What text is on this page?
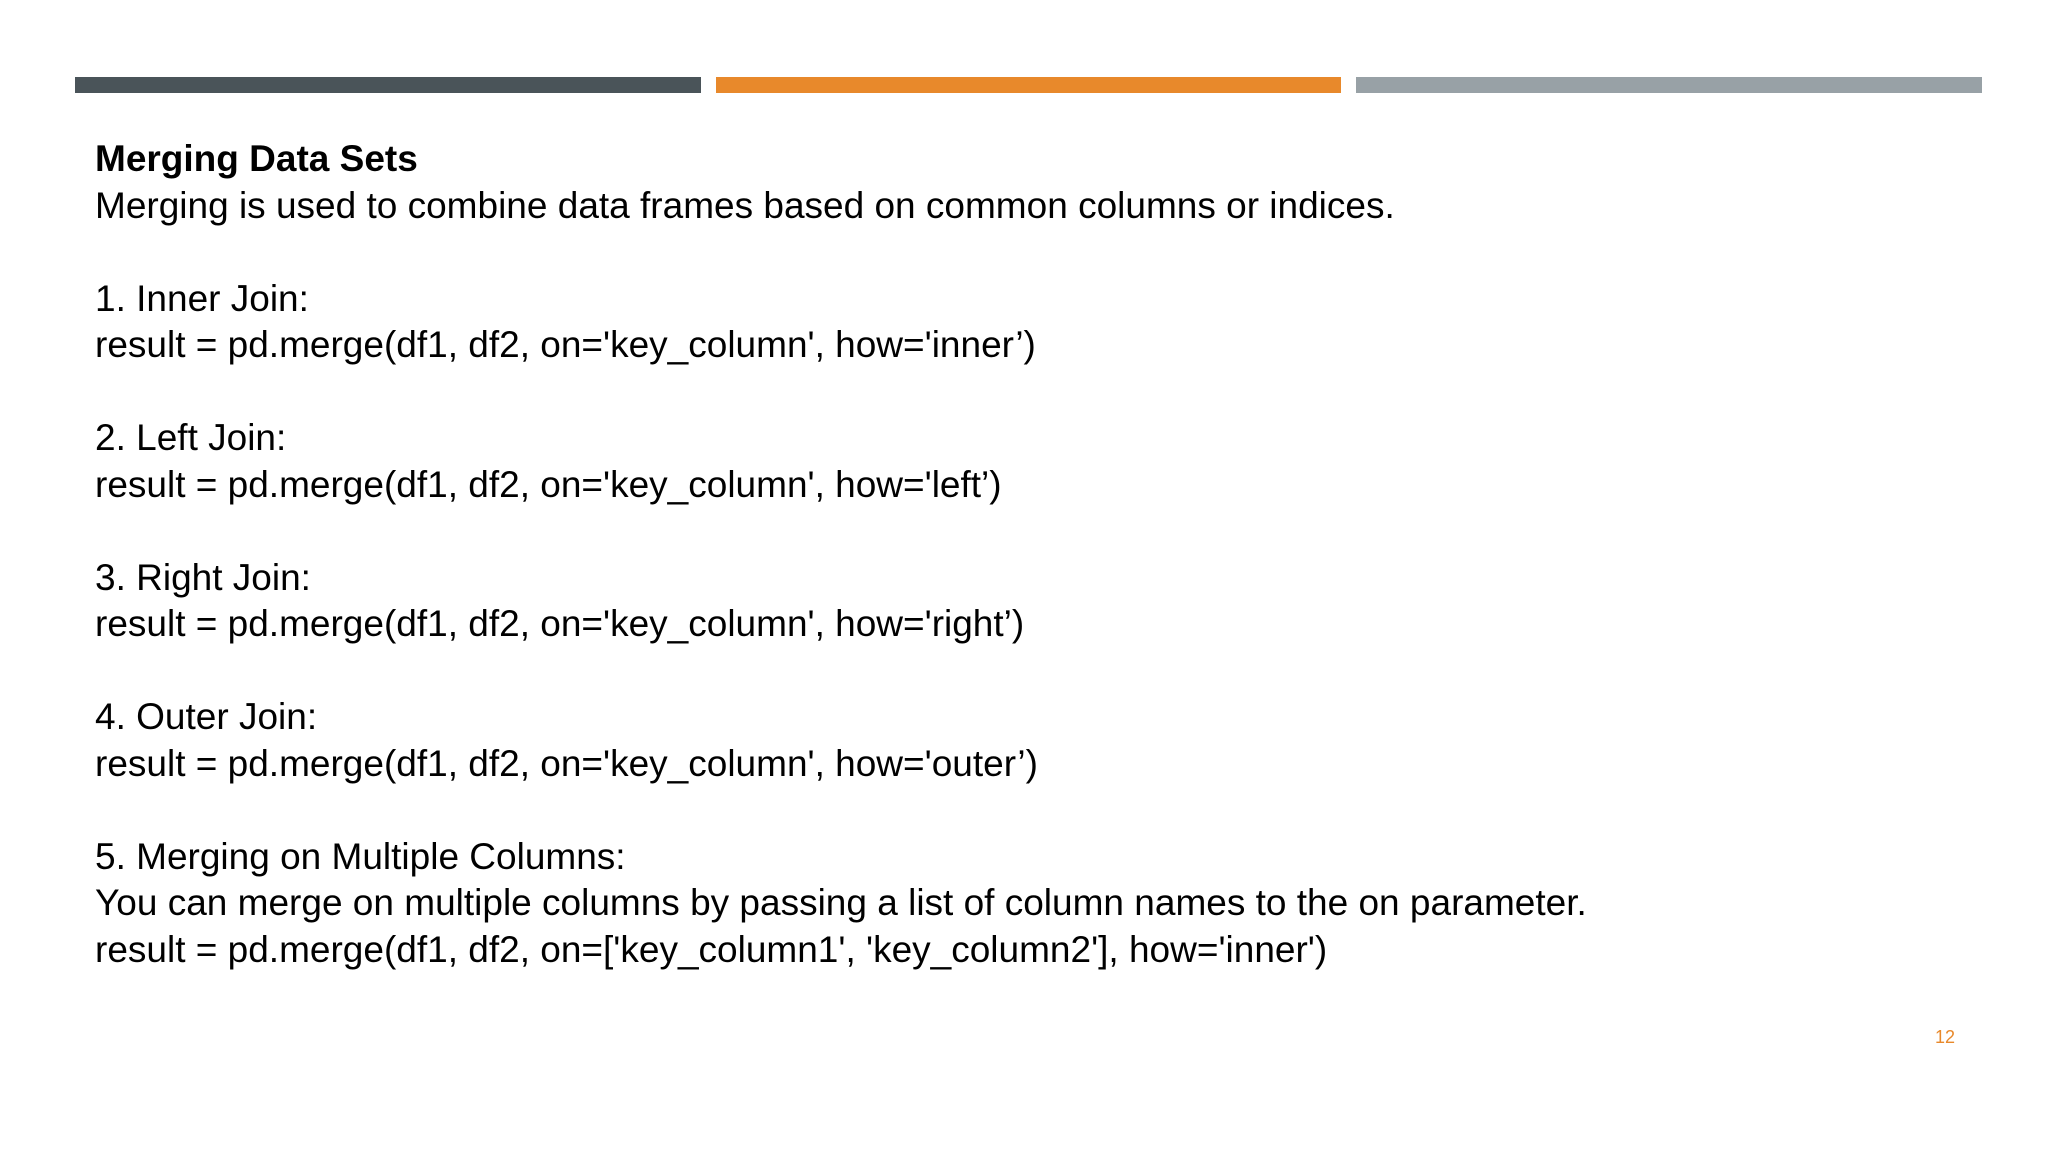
Merging Data Sets
Merging is used to combine data frames based on common columns or indices.
1. Inner Join:
result = pd.merge(df1, df2, on='key_column', how='inner’)
2. Left Join:
result = pd.merge(df1, df2, on='key_column', how='left’)
3. Right Join:
result = pd.merge(df1, df2, on='key_column', how='right’)
4. Outer Join:
result = pd.merge(df1, df2, on='key_column', how='outer’)
5. Merging on Multiple Columns:
You can merge on multiple columns by passing a list of column names to the on parameter.
result = pd.merge(df1, df2, on=['key_column1', 'key_column2'], how='inner')
12
